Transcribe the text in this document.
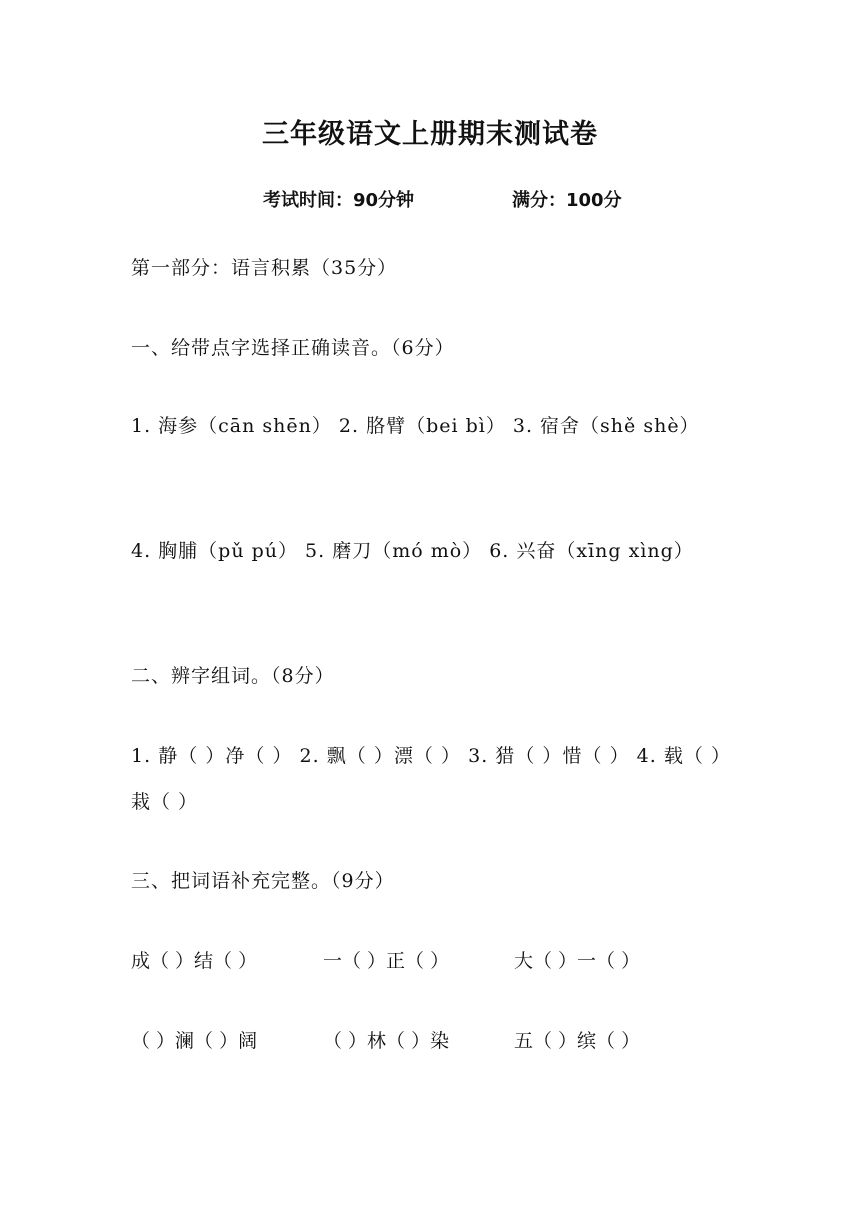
三年级语文上册期末测试卷
考试时间：90分钟	满分：100分
第一部分：语言积累（35分）
一、给带点字选择正确读音。（6分）
1. 海参（cān shēn） 2. 胳臂（bei bì） 3. 宿舍（shě shè）
4. 胸脯（pǔ pú） 5. 磨刀（mó mò） 6. 兴奋（xīng xìng）
二、辨字组词。（8分）
1. 静（ ）净（ ） 2. 飘（ ）漂（ ） 3. 猎（ ）惜（ ） 4. 载（ ）栽（ ）
三、把词语补充完整。（9分）
成（ ）结（ ）	一（ ）正（ ）	大（ ）一（ ）
（ ）澜（ ）阔	（ ）林（ ）染	五（ ）缤（ ）
